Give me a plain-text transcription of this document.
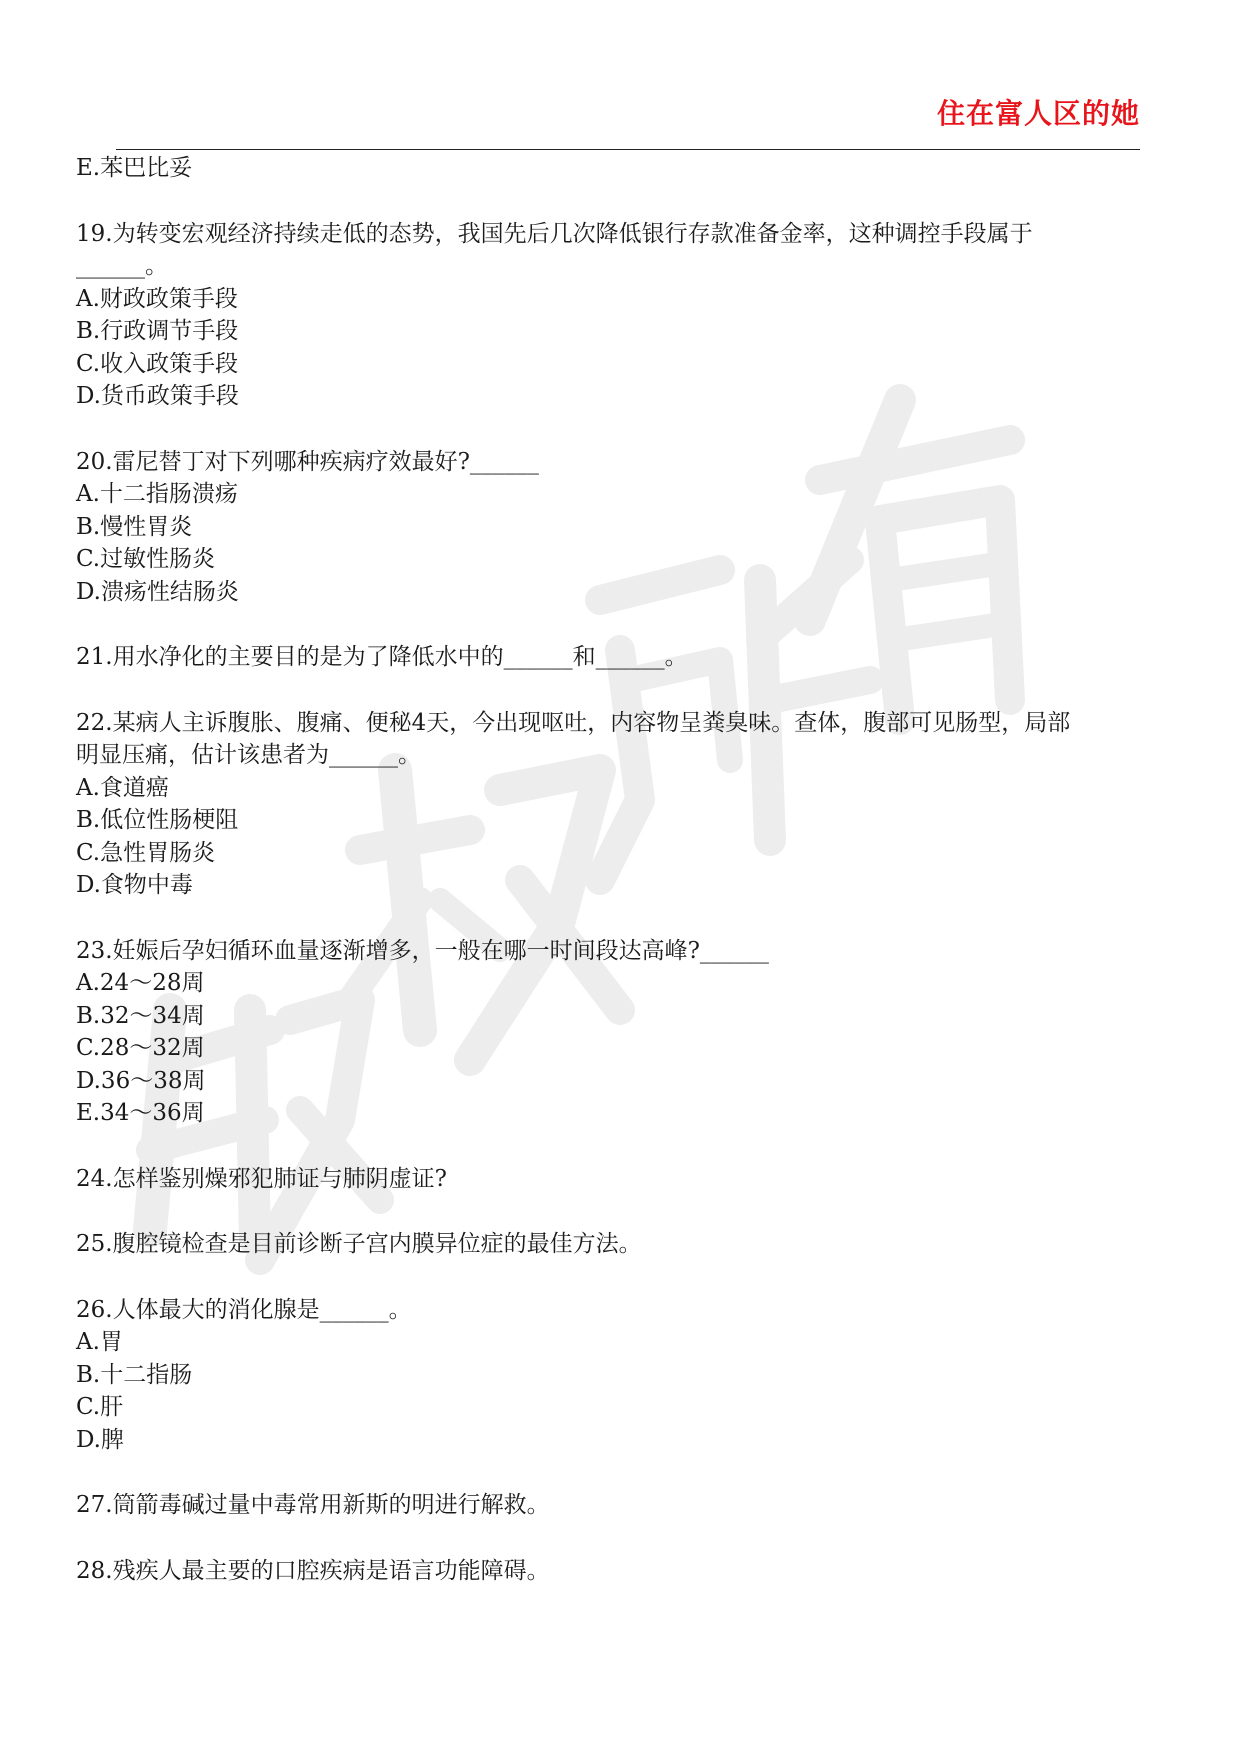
住在富人区的她
E.苯巴比妥
19.为转变宏观经济持续走低的态势，我国先后几次降低银行存款准备金率，这种调控手段属于
______。
A.财政政策手段
B.行政调节手段
C.收入政策手段
D.货币政策手段
20.雷尼替丁对下列哪种疾病疗效最好?______
A.十二指肠溃疡
B.慢性胃炎
C.过敏性肠炎
D.溃疡性结肠炎
21.用水净化的主要目的是为了降低水中的______和______。
22.某病人主诉腹胀、腹痛、便秘4天，今出现呕吐，内容物呈粪臭味。查体，腹部可见肠型，局部
明显压痛，估计该患者为______。
A.食道癌
B.低位性肠梗阻
C.急性胃肠炎
D.食物中毒
23.妊娠后孕妇循环血量逐渐增多，一般在哪一时间段达高峰?______
A.24～28周
B.32～34周
C.28～32周
D.36～38周
E.34～36周
24.怎样鉴别燥邪犯肺证与肺阴虚证?
25.腹腔镜检查是目前诊断子宫内膜异位症的最佳方法。
26.人体最大的消化腺是______。
A.胃
B.十二指肠
C.肝
D.脾
27.筒箭毒碱过量中毒常用新斯的明进行解救。
28.残疾人最主要的口腔疾病是语言功能障碍。
